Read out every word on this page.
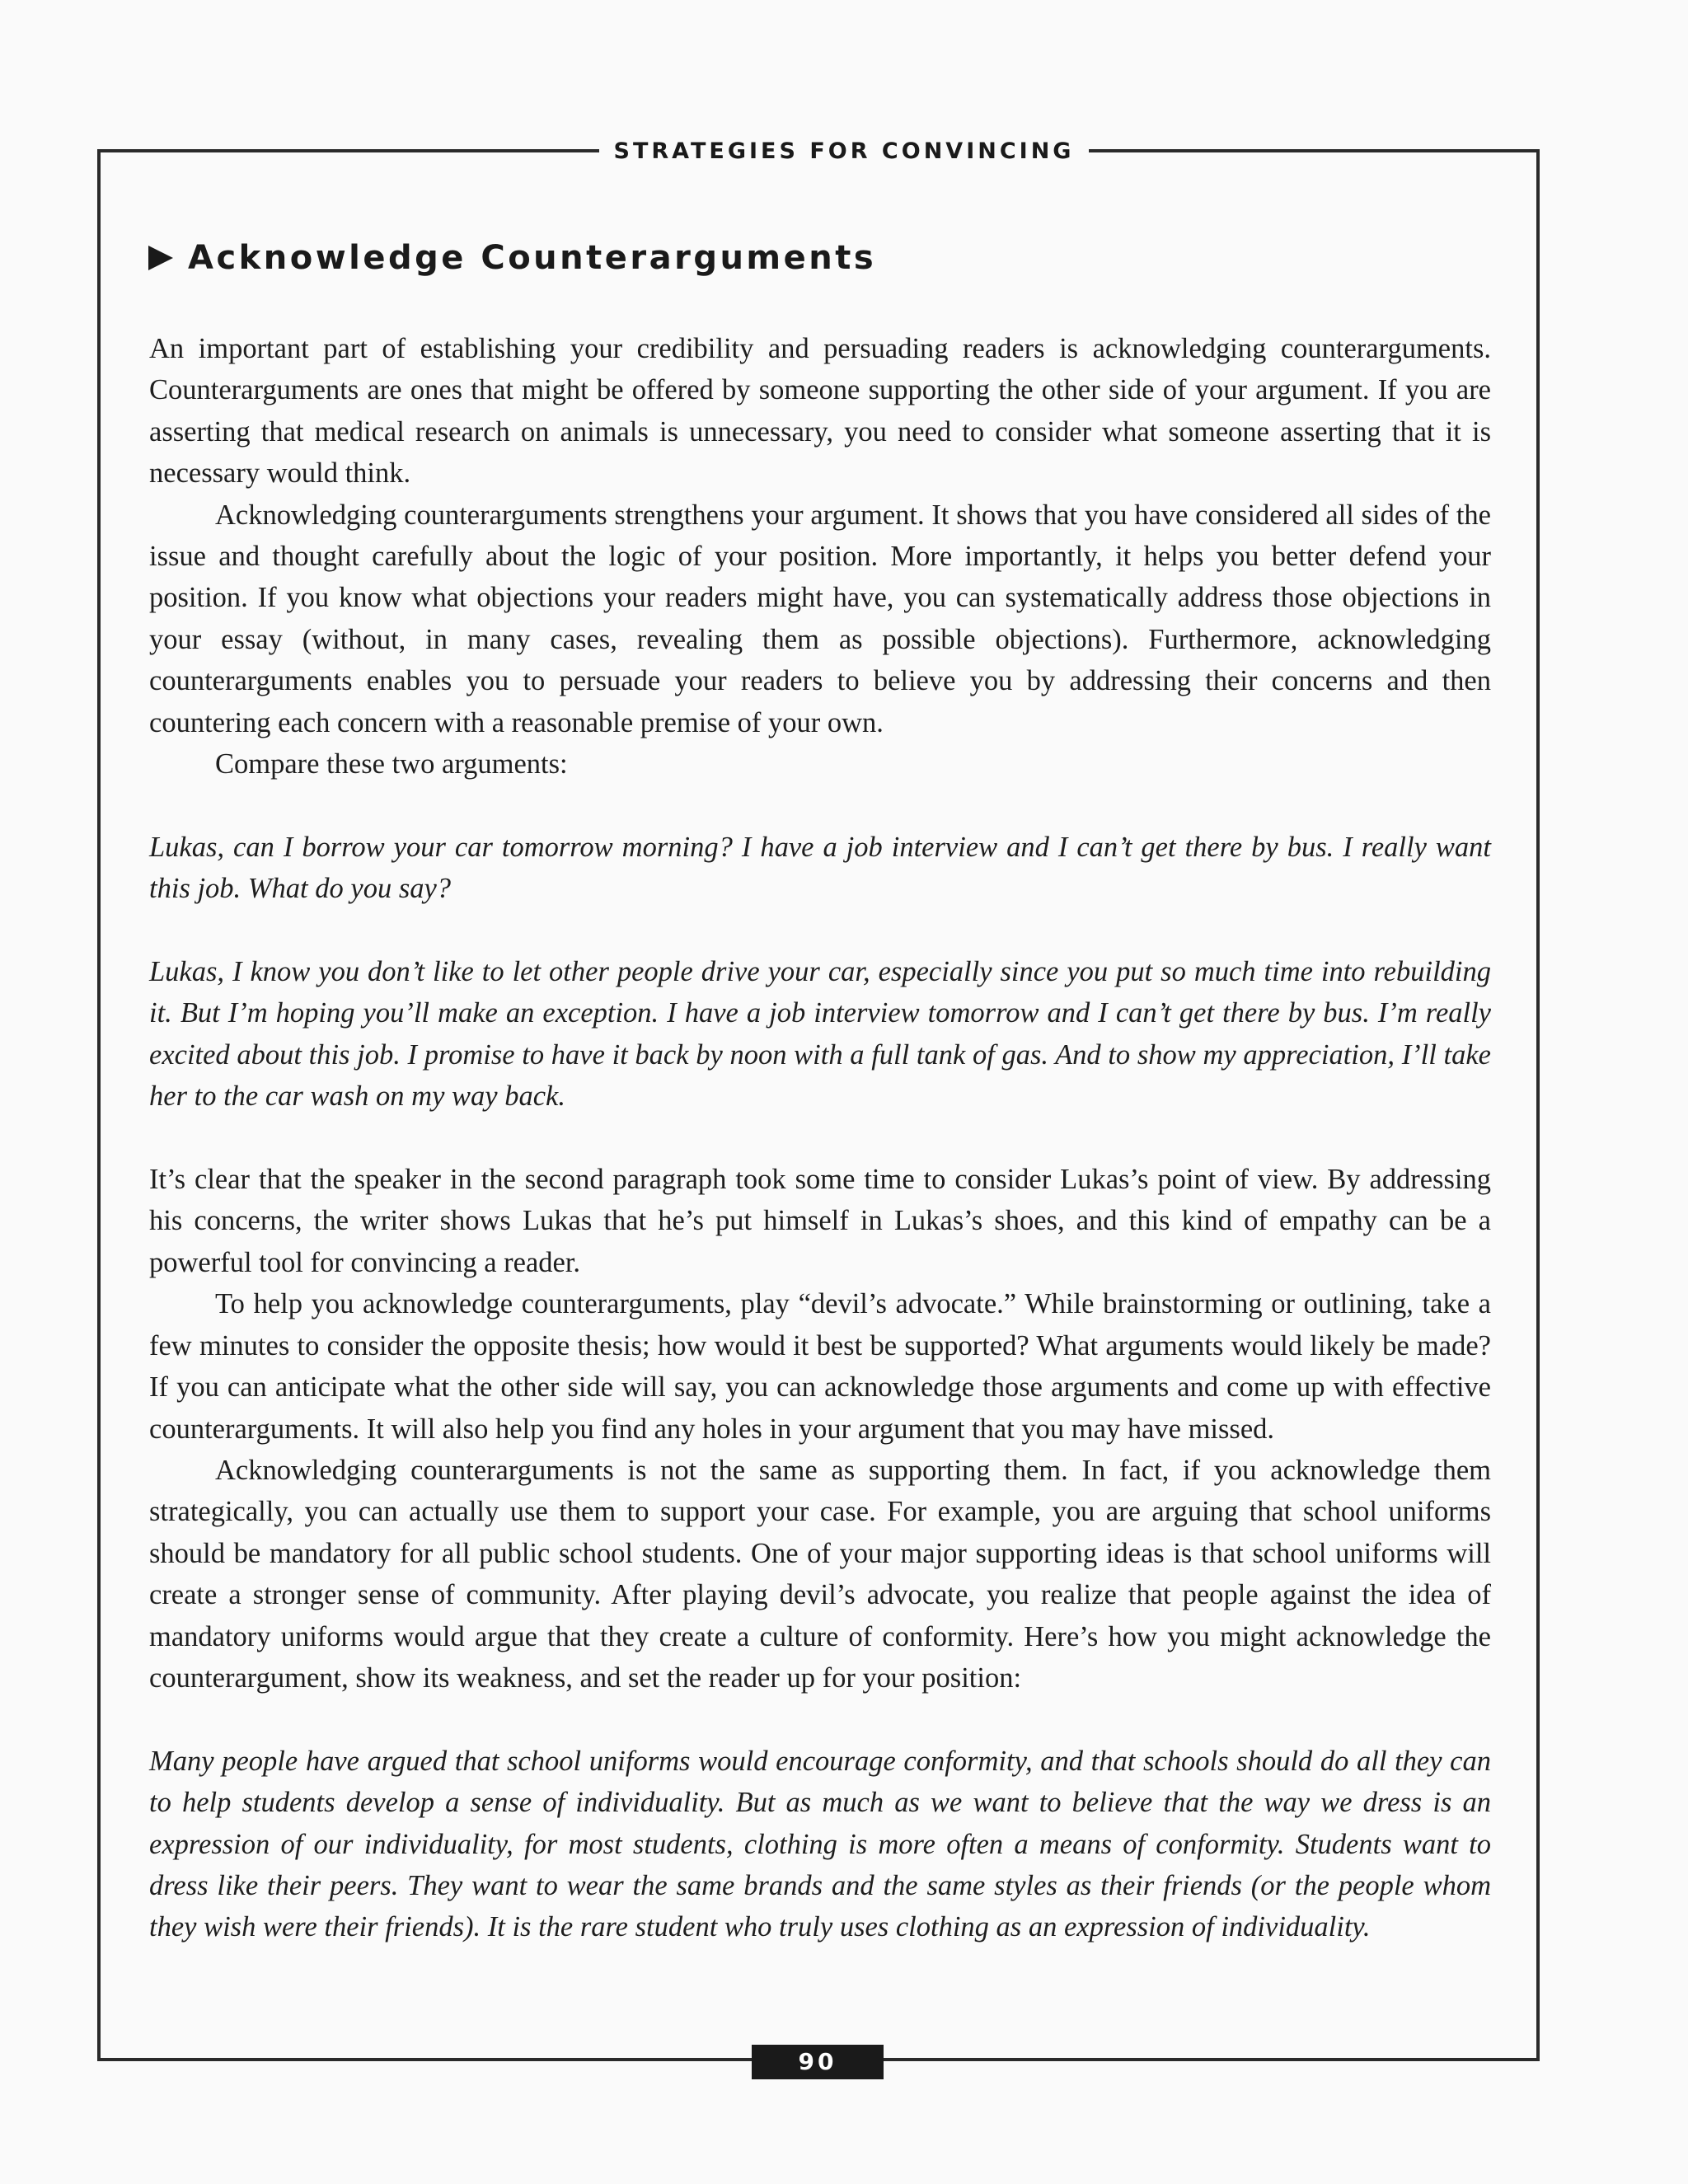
STRATEGIES FOR CONVINCING
Acknowledge Counterarguments

An important part of establishing your credibility and persuading readers is acknowledging counterarguments. Counterarguments are ones that might be offered by someone supporting the other side of your argument. If you are asserting that medical research on animals is unnecessary, you need to consider what someone asserting that it is necessary would think.

Acknowledging counterarguments strengthens your argument. It shows that you have considered all sides of the issue and thought carefully about the logic of your position. More importantly, it helps you better defend your position. If you know what objections your readers might have, you can systematically address those objections in your essay (without, in many cases, revealing them as possible objections). Furthermore, acknowledging counterarguments enables you to persuade your readers to believe you by addressing their concerns and then countering each concern with a reasonable premise of your own.

Compare these two arguments:

Lukas, can I borrow your car tomorrow morning? I have a job interview and I can’t get there by bus. I really want this job. What do you say?

Lukas, I know you don’t like to let other people drive your car, especially since you put so much time into rebuilding it. But I’m hoping you’ll make an exception. I have a job interview tomorrow and I can’t get there by bus. I’m really excited about this job. I promise to have it back by noon with a full tank of gas. And to show my appreciation, I’ll take her to the car wash on my way back.

It’s clear that the speaker in the second paragraph took some time to consider Lukas’s point of view. By addressing his concerns, the writer shows Lukas that he’s put himself in Lukas’s shoes, and this kind of empathy can be a powerful tool for convincing a reader.

To help you acknowledge counterarguments, play “devil’s advocate.” While brainstorming or outlining, take a few minutes to consider the opposite thesis; how would it best be supported? What arguments would likely be made? If you can anticipate what the other side will say, you can acknowledge those arguments and come up with effective counterarguments. It will also help you find any holes in your argument that you may have missed.

Acknowledging counterarguments is not the same as supporting them. In fact, if you acknowledge them strategically, you can actually use them to support your case. For example, you are arguing that school uniforms should be mandatory for all public school students. One of your major supporting ideas is that school uniforms will create a stronger sense of community. After playing devil’s advocate, you realize that people against the idea of mandatory uniforms would argue that they create a culture of conformity. Here’s how you might acknowledge the counterargument, show its weakness, and set the reader up for your position:

Many people have argued that school uniforms would encourage conformity, and that schools should do all they can to help students develop a sense of individuality. But as much as we want to believe that the way we dress is an expression of our individuality, for most students, clothing is more often a means of conformity. Students want to dress like their peers. They want to wear the same brands and the same styles as their friends (or the people whom they wish were their friends). It is the rare student who truly uses clothing as an expression of individuality.

90
